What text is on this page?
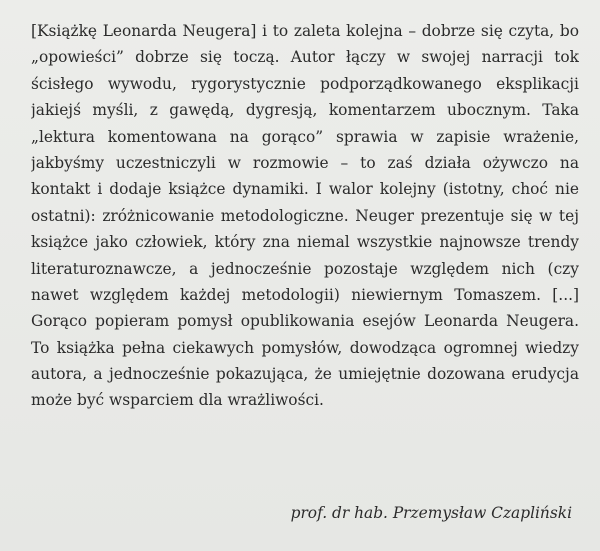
[Książkę Leonarda Neugera] i to zaleta kolejna – dobrze się czyta, bo
„opowieści” dobrze się toczą. Autor łączy w swojej narracji tok
ścisłego wywodu, rygorystycznie podporządkowanego eksplikacji
jakiejś myśli, z gawędą, dygresją, komentarzem ubocznym. Taka
„lektura komentowana na gorąco” sprawia w zapisie wrażenie,
jakbyśmy uczestniczyli w rozmowie – to zaś działa ożywczo na
kontakt i dodaje książce dynamiki. I walor kolejny (istotny, choć nie
ostatni): zróżnicowanie metodologiczne. Neuger prezentuje się w tej
książce jako człowiek, który zna niemal wszystkie najnowsze trendy
literaturoznawcze, a jednocześnie pozostaje względem nich (czy
nawet względem każdej metodologii) niewiernym Tomaszem. [...]
Gorąco popieram pomysł opublikowania esejów Leonarda Neugera.
To książka pełna ciekawych pomysłów, dowodząca ogromnej wiedzy
autora, a jednocześnie pokazująca, że umiejętnie dozowana erudycja
może być wsparciem dla wrażliwości.
prof. dr hab. Przemysław Czapliński
